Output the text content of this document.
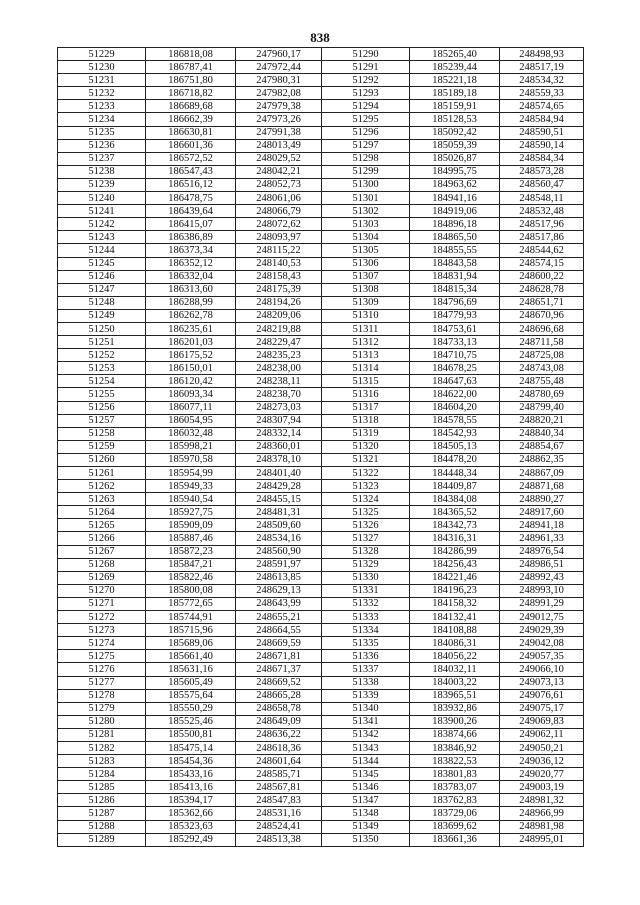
838
51229	186818,08	247960,17	51290	185265,40	248498,93
51230	186787,41	247972,44	51291	185239,44	248517,19
51231	186751,80	247980,31	51292	185221,18	248534,32
51232	186718,82	247982,08	51293	185189,18	248559,33
51233	186689,68	247979,38	51294	185159,91	248574,65
51234	186662,39	247973,26	51295	185128,53	248584,94
51235	186630,81	247991,38	51296	185092,42	248590,51
51236	186601,36	248013,49	51297	185059,39	248590,14
51237	186572,52	248029,52	51298	185026,87	248584,34
51238	186547,43	248042,21	51299	184995,75	248573,28
51239	186516,12	248052,73	51300	184963,62	248560,47
51240	186478,75	248061,06	51301	184941,16	248548,11
51241	186439,64	248066,79	51302	184919,06	248532,48
51242	186415,07	248072,62	51303	184896,18	248517,96
51243	186386,89	248093,97	51304	184865,50	248517,86
51244	186373,34	248115,22	51305	184855,55	248544,62
51245	186352,12	248140,53	51306	184843,58	248574,15
51246	186332,04	248158,43	51307	184831,94	248600,22
51247	186313,60	248175,39	51308	184815,34	248628,78
51248	186288,99	248194,26	51309	184796,69	248651,71
51249	186262,78	248209,06	51310	184779,93	248670,96
51250	186235,61	248219,88	51311	184753,61	248696,68
51251	186201,03	248229,47	51312	184733,13	248711,58
51252	186175,52	248235,23	51313	184710,75	248725,08
51253	186150,01	248238,00	51314	184678,25	248743,08
51254	186120,42	248238,11	51315	184647,63	248755,48
51255	186093,34	248238,70	51316	184622,00	248780,69
51256	186077,11	248273,03	51317	184604,20	248799,40
51257	186054,95	248307,94	51318	184578,55	248820,21
51258	186032,48	248332,14	51319	184542,93	248840,34
51259	185998,21	248360,01	51320	184505,13	248854,67
51260	185970,58	248378,10	51321	184478,20	248862,35
51261	185954,99	248401,40	51322	184448,34	248867,09
51262	185949,33	248429,28	51323	184409,87	248871,68
51263	185940,54	248455,15	51324	184384,08	248890,27
51264	185927,75	248481,31	51325	184365,52	248917,60
51265	185909,09	248509,60	51326	184342,73	248941,18
51266	185887,46	248534,16	51327	184316,31	248961,33
51267	185872,23	248560,90	51328	184286,99	248976,54
51268	185847,21	248591,97	51329	184256,43	248986,51
51269	185822,46	248613,85	51330	184221,46	248992,43
51270	185800,08	248629,13	51331	184196,23	248993,10
51271	185772,65	248643,99	51332	184158,32	248991,29
51272	185744,91	248655,21	51333	184132,41	249012,75
51273	185715,96	248664,55	51334	184108,88	249029,39
51274	185689,06	248669,59	51335	184086,31	249042,08
51275	185661,40	248671,81	51336	184056,22	249057,35
51276	185631,16	248671,37	51337	184032,11	249066,10
51277	185605,49	248669,52	51338	184003,22	249073,13
51278	185575,64	248665,28	51339	183965,51	249076,61
51279	185550,29	248658,78	51340	183932,86	249075,17
51280	185525,46	248649,09	51341	183900,26	249069,83
51281	185500,81	248636,22	51342	183874,66	249062,11
51282	185475,14	248618,36	51343	183846,92	249050,21
51283	185454,36	248601,64	51344	183822,53	249036,12
51284	185433,16	248585,71	51345	183801,83	249020,77
51285	185413,16	248567,81	51346	183783,07	249003,19
51286	185394,17	248547,83	51347	183762,83	248981,32
51287	185362,66	248531,16	51348	183729,06	248966,99
51288	185323,63	248524,41	51349	183699,62	248981,98
51289	185292,49	248513,38	51350	183661,36	248995,01
